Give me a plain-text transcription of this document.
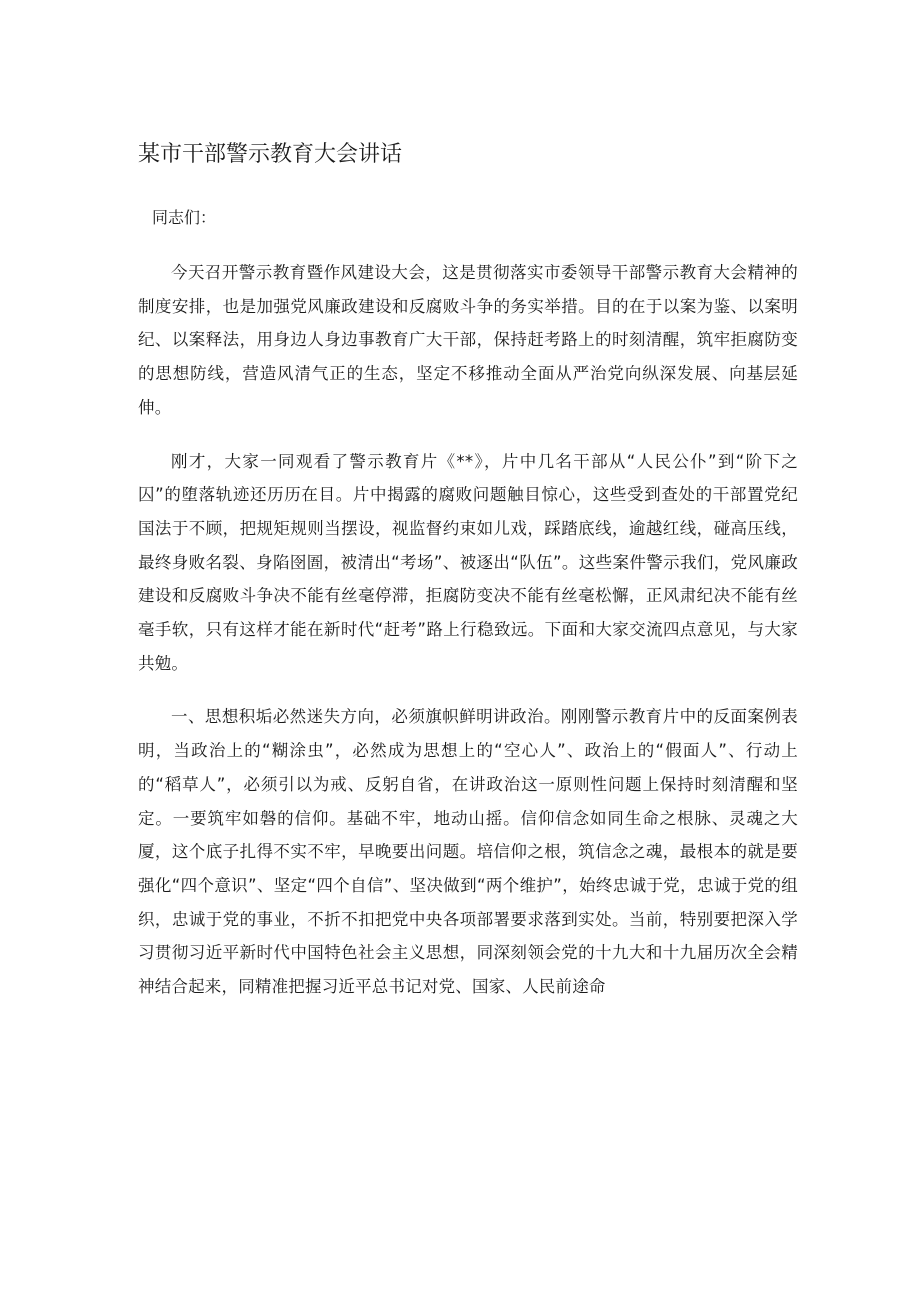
某市干部警示教育大会讲话

同志们：

今天召开警示教育暨作风建设大会，这是贯彻落实市委领导干部警示教育大会精神的制度安排，也是加强党风廉政建设和反腐败斗争的务实举措。目的在于以案为鉴、以案明纪、以案释法，用身边人身边事教育广大干部，保持赶考路上的时刻清醒，筑牢拒腐防变的思想防线，营造风清气正的生态，坚定不移推动全面从严治党向纵深发展、向基层延伸。

刚才，大家一同观看了警示教育片《**》，片中几名干部从“人民公仆”到“阶下之囚”的堕落轨迹还历历在目。片中揭露的腐败问题触目惊心，这些受到查处的干部置党纪国法于不顾，把规矩规则当摆设，视监督约束如儿戏，踩踏底线，逾越红线，碰高压线，最终身败名裂、身陷囹圄，被清出“考场”、被逐出“队伍”。这些案件警示我们，党风廉政建设和反腐败斗争决不能有丝毫停滞，拒腐防变决不能有丝毫松懈，正风肃纪决不能有丝毫手软，只有这样才能在新时代“赶考”路上行稳致远。下面和大家交流四点意见，与大家共勉。

一、思想积垢必然迷失方向，必须旗帜鲜明讲政治。刚刚警示教育片中的反面案例表明，当政治上的“糊涂虫”，必然成为思想上的“空心人”、政治上的“假面人”、行动上的“稻草人”，必须引以为戒、反躬自省，在讲政治这一原则性问题上保持时刻清醒和坚定。一要筑牢如磐的信仰。基础不牢，地动山摇。信仰信念如同生命之根脉、灵魂之大厦，这个底子扎得不实不牢，早晚要出问题。培信仰之根，筑信念之魂，最根本的就是要强化“四个意识”、坚定“四个自信”、坚决做到“两个维护”，始终忠诚于党，忠诚于党的组织，忠诚于党的事业，不折不扣把党中央各项部署要求落到实处。当前，特别要把深入学习贯彻习近平新时代中国特色社会主义思想，同深刻领会党的十九大和十九届历次全会精神结合起来，同精准把握习近平总书记对党、国家、人民前途命
